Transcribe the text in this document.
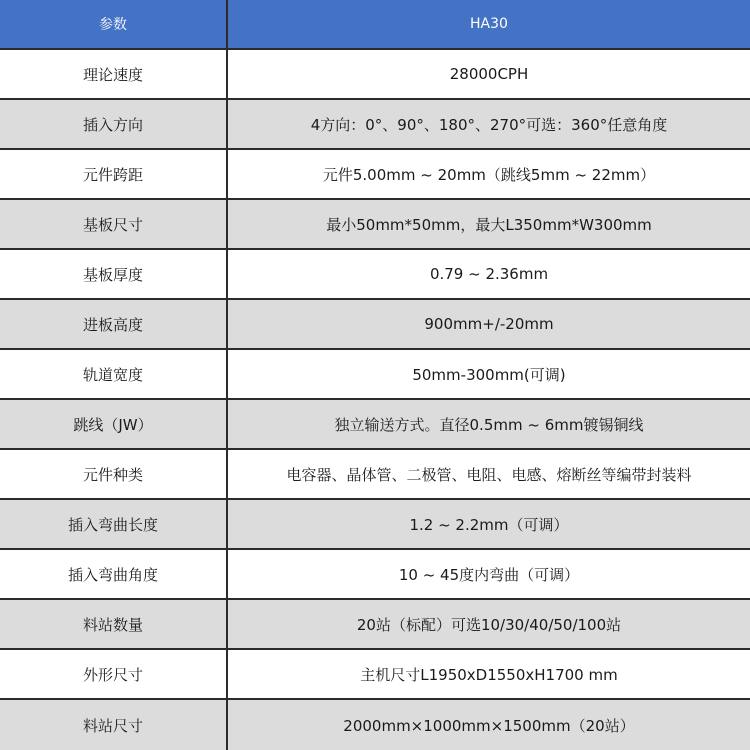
参数	HA30
理论速度	28000CPH
插入方向	4方向：0°、90°、180°、270°可选：360°任意角度
元件跨距	元件5.00mm ~ 20mm（跳线5mm ~ 22mm）
基板尺寸	最小50mm*50mm，最大L350mm*W300mm
基板厚度	0.79 ~ 2.36mm
进板高度	900mm+/-20mm
轨道宽度	50mm-300mm(可调)
跳线（JW）	独立输送方式。直径0.5mm ~ 6mm镀锡铜线
元件种类	电容器、晶体管、二极管、电阻、电感、熔断丝等编带封装料
插入弯曲长度	1.2 ~ 2.2mm（可调）
插入弯曲角度	10 ~ 45度内弯曲（可调）
料站数量	20站（标配）可选10/30/40/50/100站
外形尺寸	主机尺寸L1950xD1550xH1700 mm
料站尺寸	2000mm×1000mm×1500mm（20站）
